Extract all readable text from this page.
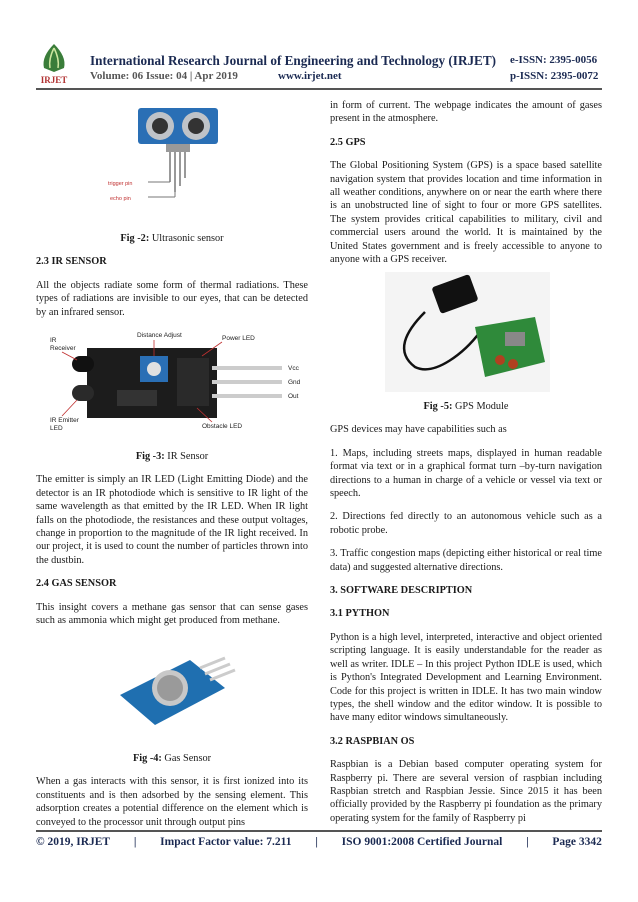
IRJET
International Research Journal of Engineering and Technology (IRJET) e-ISSN: 2395-0056
Volume: 06 Issue: 04 | Apr 2019	www.irjet.net	p-ISSN: 2395-0072
trigger pin
echo pin

Fig -2: Ultrasonic sensor

2.3 IR SENSOR

All the objects radiate some form of thermal radiations. These types of radiations are invisible to our eyes, that can be detected by an infrared sensor.

IR
Receiver
Distance Adjust	Power LED
Vcc
Gnd
Out
IR Emitter
LED	Obstacle LED

Fig -3: IR Sensor

The emitter is simply an IR LED (Light Emitting Diode) and the detector is an IR photodiode which is sensitive to IR light of the same wavelength as that emitted by the IR LED. When IR light falls on the photodiode, the resistances and these output voltages, change in proportion to the magnitude of the IR light received. In our project, it is used to count the number of particles thrown into the dustbin.

2.4 GAS SENSOR

This insight covers a methane gas sensor that can sense gases such as ammonia which might get produced from methane.

Fig -4: Gas Sensor

When a gas interacts with this sensor, it is first ionized into its constituents and is then adsorbed by the sensing element. This adsorption creates a potential difference on the element which is conveyed to the processor unit through output pins

in form of current. The webpage indicates the amount of gases present in the atmosphere.

2.5 GPS

The Global Positioning System (GPS) is a space based satellite navigation system that provides location and time information in all weather conditions, anywhere on or near the earth where there is an unobstructed line of sight to four or more GPS satellites. The system provides critical capabilities to military, civil and commercial users around the world. It is maintained by the United States government and is freely accessible to anyone to anyone with a GPS receiver.

Fig -5: GPS Module

GPS devices may have capabilities such as

1. Maps, including streets maps, displayed in human readable format via text or in a graphical format turn –by-turn navigation directions to a human in charge of a vehicle or vessel via text or speech.

2. Directions fed directly to an autonomous vehicle such as a robotic probe.

3. Traffic congestion maps (depicting either historical or real time data) and suggested alternative directions.

3. SOFTWARE DESCRIPTION
3.1 PYTHON

Python is a high level, interpreted, interactive and object oriented scripting language. It is easily understandable for the reader as well as writer. IDLE – In this project Python IDLE is used, which is Python's Integrated Development and Learning Environment. Code for this project is written in IDLE. It has two main window types, the shell window and the editor window. It is possible to have many editor windows simultaneously.

3.2 RASPBIAN OS

Raspbian is a Debian based computer operating system for Raspberry pi. There are several version of raspbian including Raspbian stretch and Raspbian Jessie. Since 2015 it has been officially provided by the Raspberry pi foundation as the primary operating system for the family of Raspberry pi

© 2019, IRJET | Impact Factor value: 7.211 | ISO 9001:2008 Certified Journal | Page 3342
